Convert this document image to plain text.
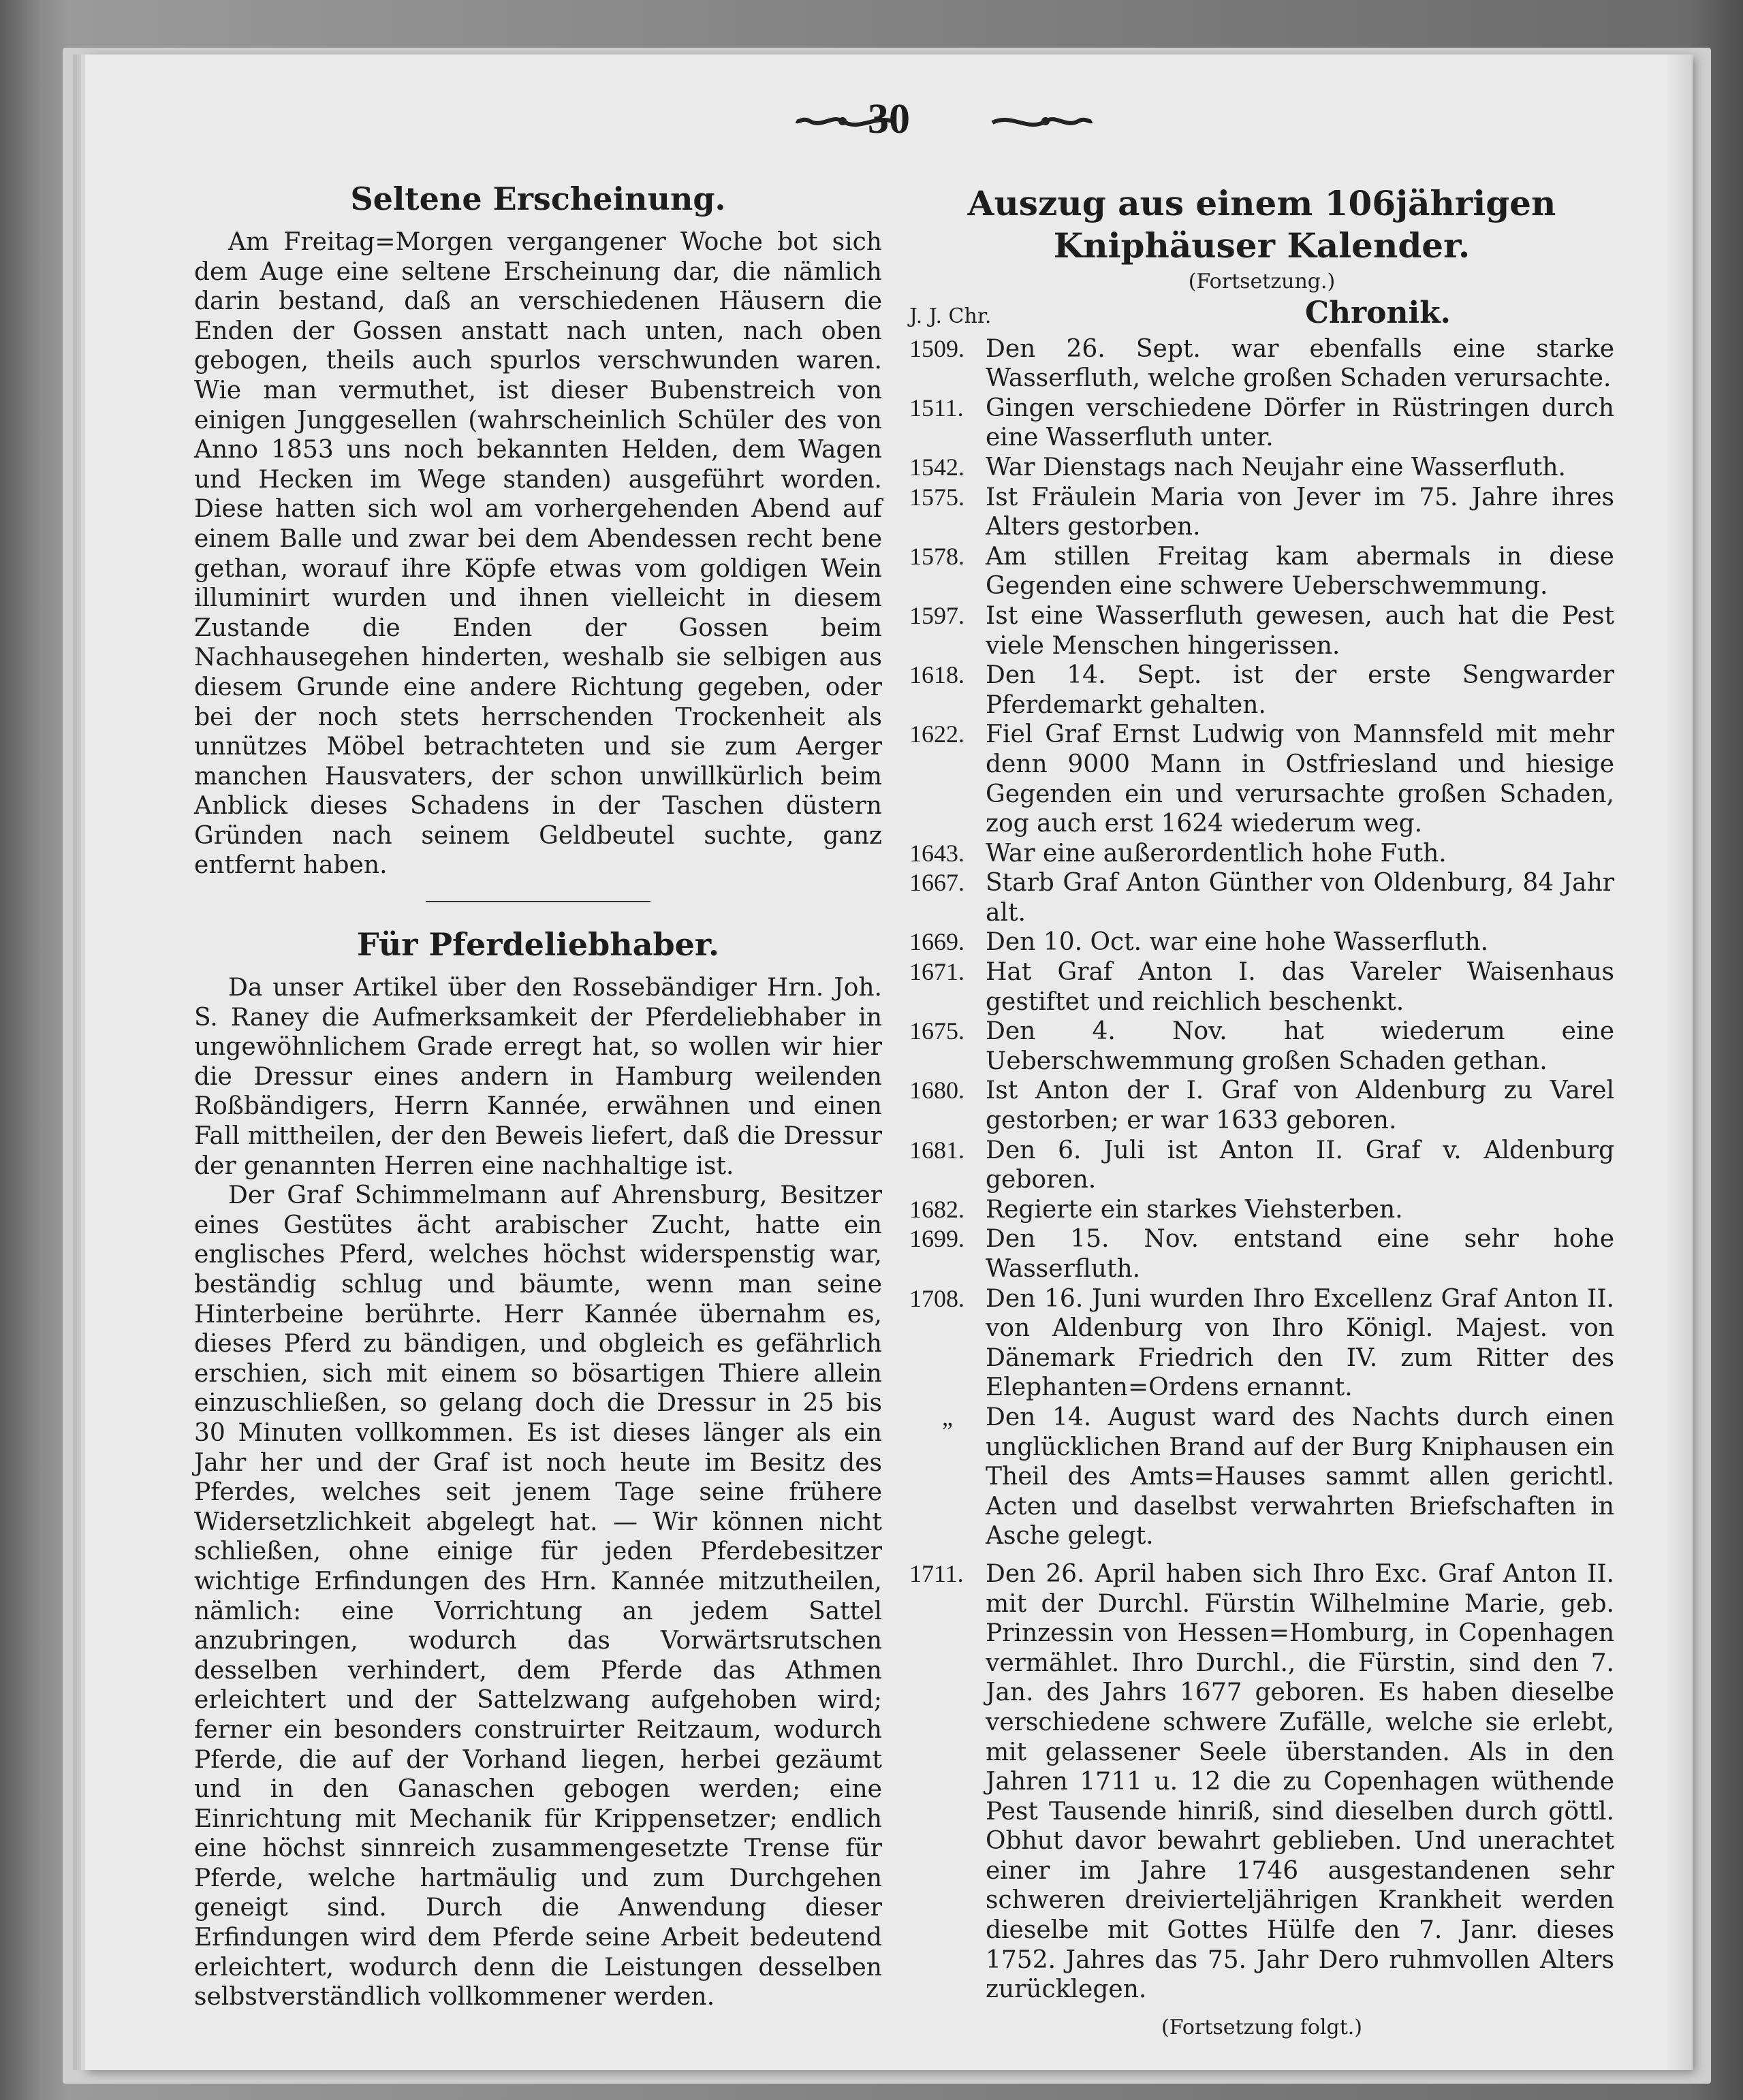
30
Seltene Erscheinung.

Am Freitag=Morgen vergangener Woche bot sich dem Auge eine seltene Erscheinung dar, die nämlich darin bestand, daß an verschiedenen Häusern die Enden der Gossen anstatt nach unten, nach oben gebogen, theils auch spurlos verschwunden waren. Wie man vermuthet, ist dieser Bubenstreich von einigen Junggesellen (wahrscheinlich Schüler des von Anno 1853 uns noch bekannten Helden, dem Wagen und Hecken im Wege standen) ausgeführt worden. Diese hatten sich wol am vorhergehenden Abend auf einem Balle und zwar bei dem Abendessen recht bene gethan, worauf ihre Köpfe etwas vom goldigen Wein illuminirt wurden und ihnen vielleicht in diesem Zustande die Enden der Gossen beim Nachhausegehen hinderten, weshalb sie selbigen aus diesem Grunde eine andere Richtung gegeben, oder bei der noch stets herrschenden Trockenheit als unnützes Möbel betrachteten und sie zum Aerger manchen Hausvaters, der schon unwillkürlich beim Anblick dieses Schadens in der Taschen düstern Gründen nach seinem Geldbeutel suchte, ganz entfernt haben.

Für Pferdeliebhaber.

Da unser Artikel über den Rossebändiger Hrn. Joh. S. Raney die Aufmerksamkeit der Pferdeliebhaber in ungewöhnlichem Grade erregt hat, so wollen wir hier die Dressur eines andern in Hamburg weilenden Roßbändigers, Herrn Kannée, erwähnen und einen Fall mittheilen, der den Beweis liefert, daß die Dressur der genannten Herren eine nachhaltige ist.

Der Graf Schimmelmann auf Ahrensburg, Besitzer eines Gestütes ächt arabischer Zucht, hatte ein englisches Pferd, welches höchst widerspenstig war, beständig schlug und bäumte, wenn man seine Hinterbeine berührte. Herr Kannée übernahm es, dieses Pferd zu bändigen, und obgleich es gefährlich erschien, sich mit einem so bösartigen Thiere allein einzuschließen, so gelang doch die Dressur in 25 bis 30 Minuten vollkommen. Es ist dieses länger als ein Jahr her und der Graf ist noch heute im Besitz des Pferdes, welches seit jenem Tage seine frühere Widersetzlichkeit abgelegt hat. — Wir können nicht schließen, ohne einige für jeden Pferdebesitzer wichtige Erfindungen des Hrn. Kannée mitzutheilen, nämlich: eine Vorrichtung an jedem Sattel anzubringen, wodurch das Vorwärtsrutschen desselben verhindert, dem Pferde das Athmen erleichtert und der Sattelzwang aufgehoben wird; ferner ein besonders construirter Reitzaum, wodurch Pferde, die auf der Vorhand liegen, herbei gezäumt und in den Ganaschen gebogen werden; eine Einrichtung mit Mechanik für Krippensetzer; endlich eine höchst sinnreich zusammengesetzte Trense für Pferde, welche hartmäulig und zum Durchgehen geneigt sind. Durch die Anwendung dieser Erfindungen wird dem Pferde seine Arbeit bedeutend erleichtert, wodurch denn die Leistungen desselben selbstverständlich vollkommener werden.

Auszug aus einem 106jährigen
Kniphäuser Kalender.
(Fortsetzung.)
J. J. Chr.	Chronik.
1509. Den 26. Sept. war ebenfalls eine starke Wasserfluth, welche großen Schaden verursachte.
1511. Gingen verschiedene Dörfer in Rüstringen durch eine Wasserfluth unter.
1542. War Dienstags nach Neujahr eine Wasserfluth.
1575. Ist Fräulein Maria von Jever im 75. Jahre ihres Alters gestorben.
1578. Am stillen Freitag kam abermals in diese Gegenden eine schwere Ueberschwemmung.
1597. Ist eine Wasserfluth gewesen, auch hat die Pest viele Menschen hingerissen.
1618. Den 14. Sept. ist der erste Sengwarder Pferdemarkt gehalten.
1622. Fiel Graf Ernst Ludwig von Mannsfeld mit mehr denn 9000 Mann in Ostfriesland und hiesige Gegenden ein und verursachte großen Schaden, zog auch erst 1624 wiederum weg.
1643. War eine außerordentlich hohe Futh.
1667. Starb Graf Anton Günther von Oldenburg, 84 Jahr alt.
1669. Den 10. Oct. war eine hohe Wasserfluth.
1671. Hat Graf Anton I. das Vareler Waisenhaus gestiftet und reichlich beschenkt.
1675. Den 4. Nov. hat wiederum eine Ueberschwemmung großen Schaden gethan.
1680. Ist Anton der I. Graf von Aldenburg zu Varel gestorben; er war 1633 geboren.
1681. Den 6. Juli ist Anton II. Graf v. Aldenburg geboren.
1682. Regierte ein starkes Viehsterben.
1699. Den 15. Nov. entstand eine sehr hohe Wasserfluth.
1708. Den 16. Juni wurden Ihro Excellenz Graf Anton II. von Aldenburg von Ihro Königl. Majest. von Dänemark Friedrich den IV. zum Ritter des Elephanten=Ordens ernannt.
„	Den 14. August ward des Nachts durch einen unglücklichen Brand auf der Burg Kniphausen ein Theil des Amts=Hauses sammt allen gerichtl. Acten und daselbst verwahrten Briefschaften in Asche gelegt.
1711. Den 26. April haben sich Ihro Exc. Graf Anton II. mit der Durchl. Fürstin Wilhelmine Marie, geb. Prinzessin von Hessen=Homburg, in Copenhagen vermählet. Ihro Durchl., die Fürstin, sind den 7. Jan. des Jahrs 1677 geboren. Es haben dieselbe verschiedene schwere Zufälle, welche sie erlebt, mit gelassener Seele überstanden. Als in den Jahren 1711 u. 12 die zu Copenhagen wüthende Pest Tausende hinriß, sind dieselben durch göttl. Obhut davor bewahrt geblieben. Und unerachtet einer im Jahre 1746 ausgestandenen sehr schweren dreivierteljährigen Krankheit werden dieselbe mit Gottes Hülfe den 7. Janr. dieses 1752. Jahres das 75. Jahr Dero ruhmvollen Alters zurücklegen.
(Fortsetzung folgt.)
